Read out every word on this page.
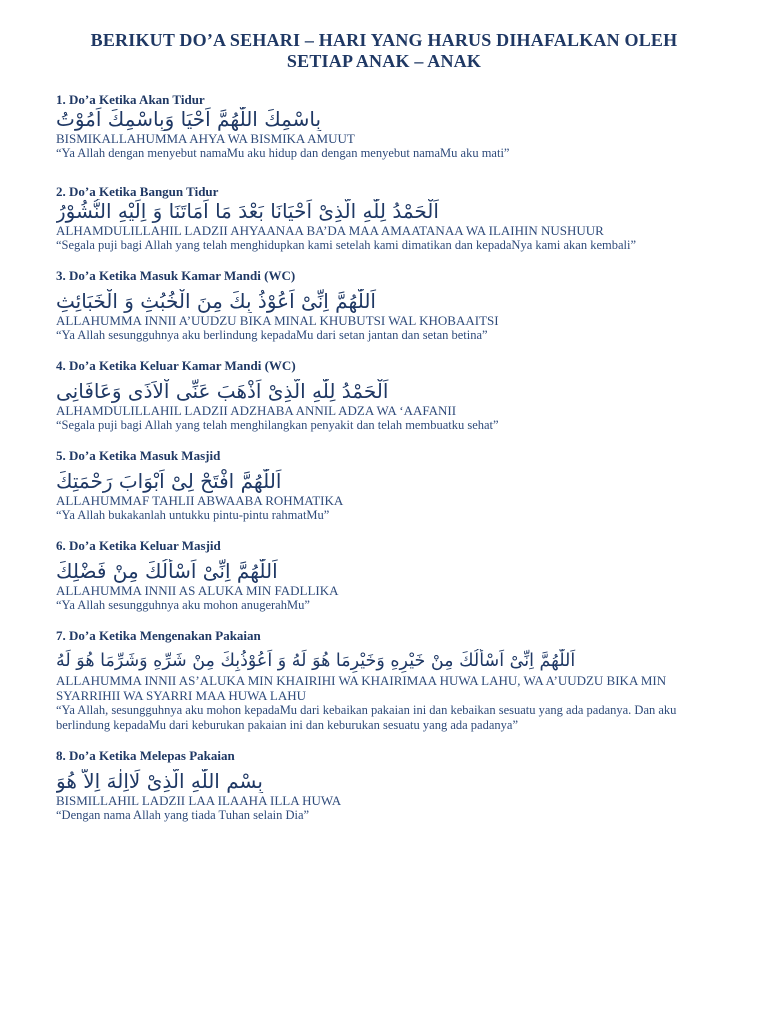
BERIKUT DO’A SEHARI – HARI YANG HARUS DIHAFALKAN OLEH SETIAP ANAK – ANAK
1. Do’a Ketika Akan Tidur
بِاسْمِكَ اللّٰهُمَّ اَحْيَا وَبِاسْمِكَ اَمُوْتُ
BISMIKALLAHUMMA AHYA WA BISMIKA AMUUT
“Ya Allah dengan menyebut namaMu aku hidup dan dengan menyebut namaMu aku mati”
2. Do’a Ketika Bangun Tidur
اَلْحَمْدُ لِلّٰهِ الَّذِىْ اَحْيَانَا بَعْدَ مَا اَمَاتَنَا وَ اِلَيْهِ النُّشُوْرُ
ALHAMDULILLAHIL LADZII AHYAANAA BA’DA MAA AMAATANAA WA ILAIHIN NUSHUUR
“Segala puji bagi Allah yang telah menghidupkan kami setelah kami dimatikan dan kepadaNya kami akan kembali”
3. Do’a Ketika Masuk Kamar Mandi (WC)
اَللّٰهُمَّ اِنِّىْ اَعُوْذُ بِكَ مِنَ الْخُبُثِ وَ الْخَبَائِثِ
ALLAHUMMA INNII A’UUDZU BIKA MINAL KHUBUTSI WAL KHOBAAITSI
“Ya Allah sesungguhnya aku berlindung kepadaMu dari setan jantan dan setan betina”
4. Do’a Ketika Keluar Kamar Mandi (WC)
اَلْحَمْدُ لِلّٰهِ الَّذِىْ اَذْهَبَ عَنِّى اْلاَذَى وَعَافَانِى
ALHAMDULILLAHIL LADZII ADZHABA ANNIL ADZA WA ‘AAFANII
“Segala puji bagi Allah yang telah menghilangkan penyakit dan telah membuatku sehat”
5. Do’a Ketika Masuk Masjid
اَللّٰهُمَّ افْتَحْ لِىْ اَبْوَابَ رَحْمَتِكَ
ALLAHUMMAF TAHLII ABWAABA ROHMATIKA
“Ya Allah bukakanlah untukku pintu-pintu rahmatMu”
6. Do’a Ketika Keluar Masjid
اَللّٰهُمَّ اِنِّىْ اَسْأَلُكَ مِنْ فَضْلِكَ
ALLAHUMMA INNII AS ALUKA MIN FADLLIKA
“Ya Allah sesungguhnya aku mohon anugerahMu”
7. Do’a Ketika Mengenakan Pakaian
اَللّٰهُمَّ اِنِّىْ اَسْأَلُكَ مِنْ خَيْرِهِ وَخَيْرِمَا هُوَ لَهُ وَ اَعُوْذُبِكَ مِنْ شَرِّهِ وَشَرِّمَا هُوَ لَهُ
ALLAHUMMA INNII AS’ALUKA MIN KHAIRIHI WA KHAIRIMAA HUWA LAHU, WA A’UUDZU BIKA MIN SYARRIHII WA SYARRI MAA HUWA LAHU
“Ya Allah, sesungguhnya aku mohon kepadaMu dari kebaikan pakaian ini dan kebaikan sesuatu yang ada padanya. Dan aku berlindung kepadaMu dari keburukan pakaian ini dan keburukan sesuatu yang ada padanya”
8. Do’a Ketika Melepas Pakaian
بِسْمِ اللّٰهِ الَّذِىْ لَااِلٰهَ اِلاَّ هُوَ
BISMILLAHIL LADZII LAA ILAAHA ILLA HUWA
“Dengan nama Allah yang tiada Tuhan selain Dia”
